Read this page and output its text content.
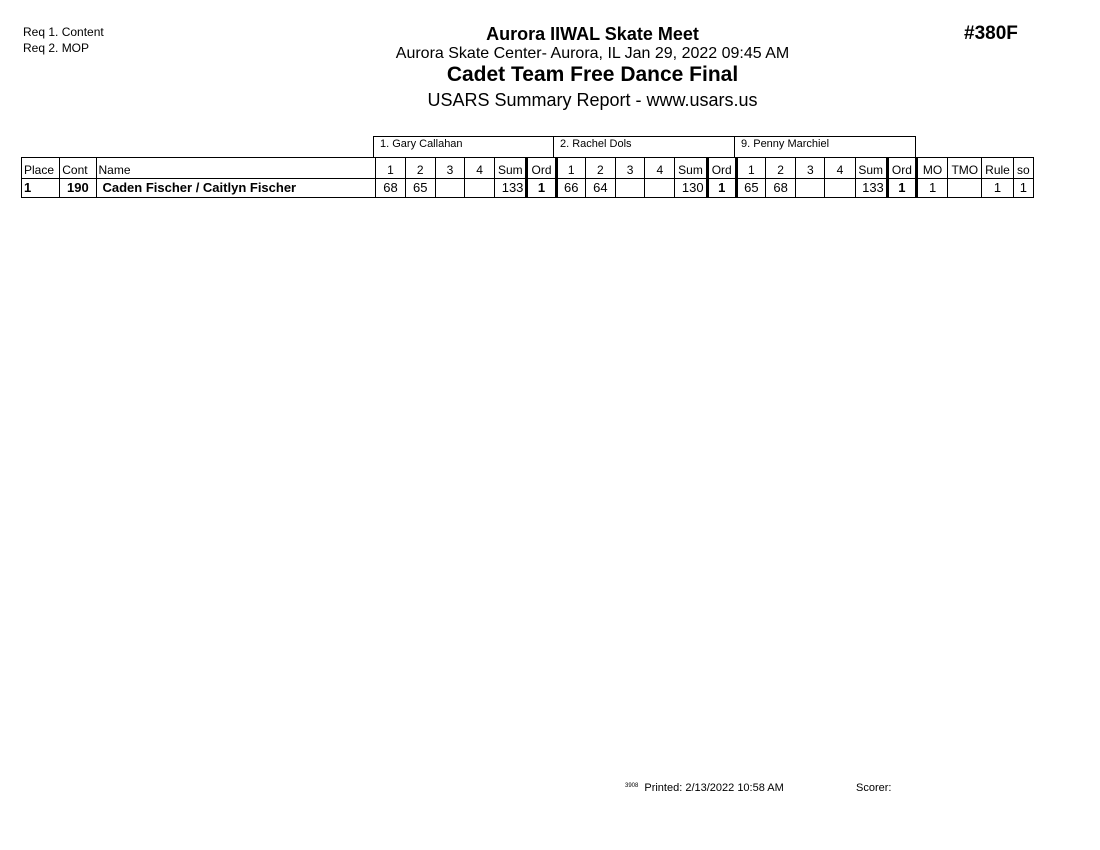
Req 1. Content
Req 2. MOP
#380F
Aurora IIWAL Skate Meet
Aurora Skate Center- Aurora, IL Jan 29, 2022 09:45 AM
Cadet Team Free Dance Final
USARS Summary Report - www.usars.us
1. Gary Callahan	2. Rachel Dols	9. Penny Marchiel
Place	Cont	Name	1	2	3	4	Sum	Ord	1	2	3	4	Sum	Ord	1	2	3	4	Sum	Ord	MO	TMO	Rule	so
1	190	Caden Fischer / Caitlyn Fischer	68	65			133	1	66	64			130	1	65	68			133	1	1		1	1
$^{3908}$ Printed: 2/13/2022 10:58 AM	Scorer:
